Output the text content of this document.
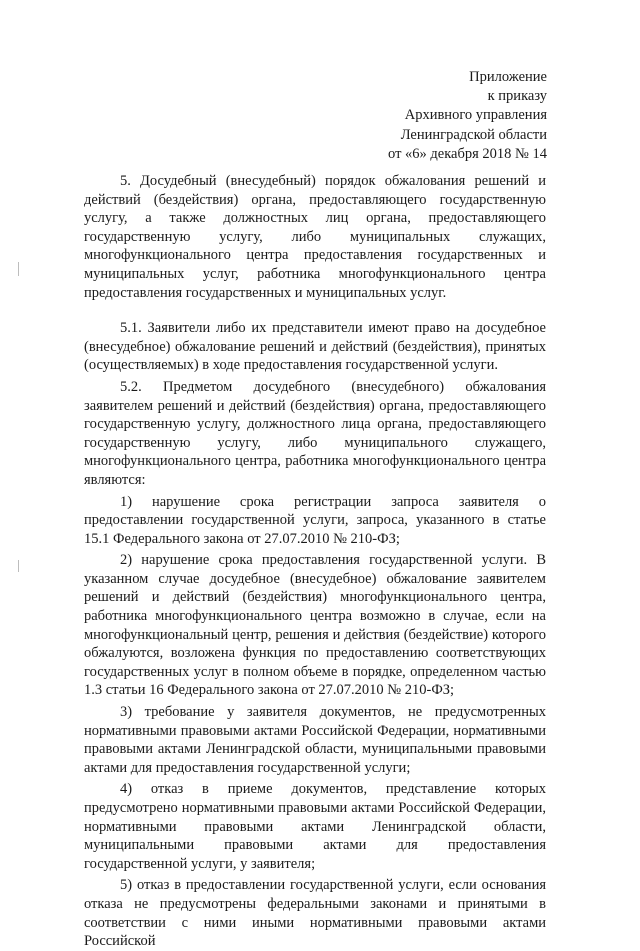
Приложение
к приказу
Архивного управления
Ленинградской области
от «6» декабря 2018 № 14

5. Досудебный (внесудебный) порядок обжалования решений и действий (бездействия) органа, предоставляющего государственную услугу, а также должностных лиц органа, предоставляющего государственную услугу, либо муниципальных служащих, многофункционального центра предоставления государственных и муниципальных услуг, работника многофункционального центра предоставления государственных и муниципальных услуг.

5.1. Заявители либо их представители имеют право на досудебное (внесудебное) обжалование решений и действий (бездействия), принятых (осуществляемых) в ходе предоставления государственной услуги.

5.2. Предметом досудебного (внесудебного) обжалования заявителем решений и действий (бездействия) органа, предоставляющего государственную услугу, должностного лица органа, предоставляющего государственную услугу, либо муниципального служащего, многофункционального центра, работника многофункционального центра являются:

1) нарушение срока регистрации запроса заявителя о предоставлении государственной услуги, запроса, указанного в статье 15.1 Федерального закона от 27.07.2010 № 210-ФЗ;

2) нарушение срока предоставления государственной услуги. В указанном случае досудебное (внесудебное) обжалование заявителем решений и действий (бездействия) многофункционального центра, работника многофункционального центра возможно в случае, если на многофункциональный центр, решения и действия (бездействие) которого обжалуются, возложена функция по предоставлению соответствующих государственных услуг в полном объеме в порядке, определенном частью 1.3 статьи 16 Федерального закона от 27.07.2010 № 210-ФЗ;

3) требование у заявителя документов, не предусмотренных нормативными правовыми актами Российской Федерации, нормативными правовыми актами Ленинградской области, муниципальными правовыми актами для предоставления государственной услуги;

4) отказ в приеме документов, представление которых предусмотрено нормативными правовыми актами Российской Федерации, нормативными правовыми актами Ленинградской области, муниципальными правовыми актами для предоставления государственной услуги, у заявителя;

5) отказ в предоставлении государственной услуги, если основания отказа не предусмотрены федеральными законами и принятыми в соответствии с ними иными нормативными правовыми актами Российской
